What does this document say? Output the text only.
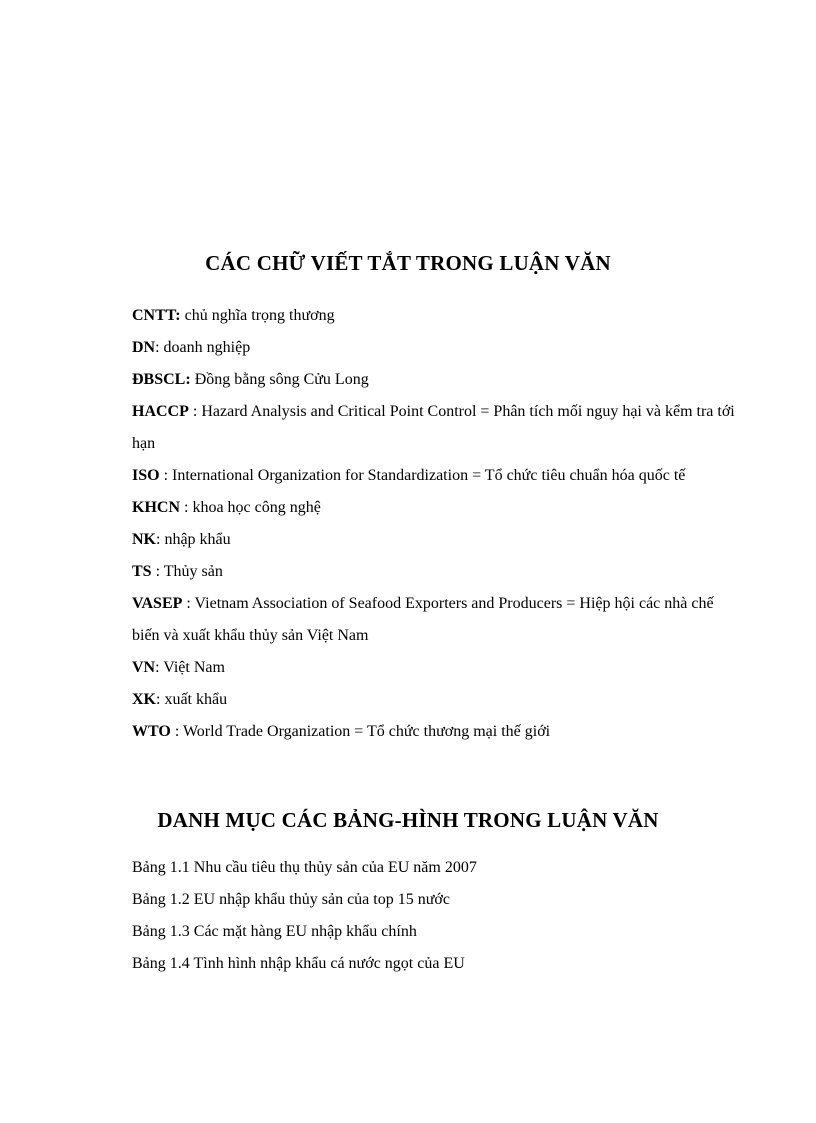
CÁC CHỮ VIẾT TẮT TRONG LUẬN VĂN
CNTT: chủ nghĩa trọng thương
DN: doanh nghiệp
ĐBSCL: Đồng bằng sông Cửu Long
HACCP : Hazard Analysis and Critical Point Control = Phân tích mối nguy hại và kểm tra tới hạn
ISO : International Organization for Standardization = Tổ chức tiêu chuẩn hóa quốc tế
KHCN : khoa học công nghệ
NK: nhập khẩu
TS : Thủy sản
VASEP : Vietnam Association of Seafood Exporters and Producers = Hiệp hội các nhà chế biến và xuất khẩu thủy sản Việt Nam
VN: Việt Nam
XK: xuất khẩu
WTO : World Trade Organization = Tổ chức thương mại thế giới
DANH MỤC CÁC BẢNG-HÌNH TRONG LUẬN VĂN
Bảng 1.1 Nhu cầu tiêu thụ thủy sản của EU năm 2007
Bảng 1.2 EU nhập khẩu thủy sản của top 15 nước
Bảng 1.3 Các mặt hàng EU nhập khẩu chính
Bảng 1.4 Tình hình nhập khẩu cá nước ngọt của EU
